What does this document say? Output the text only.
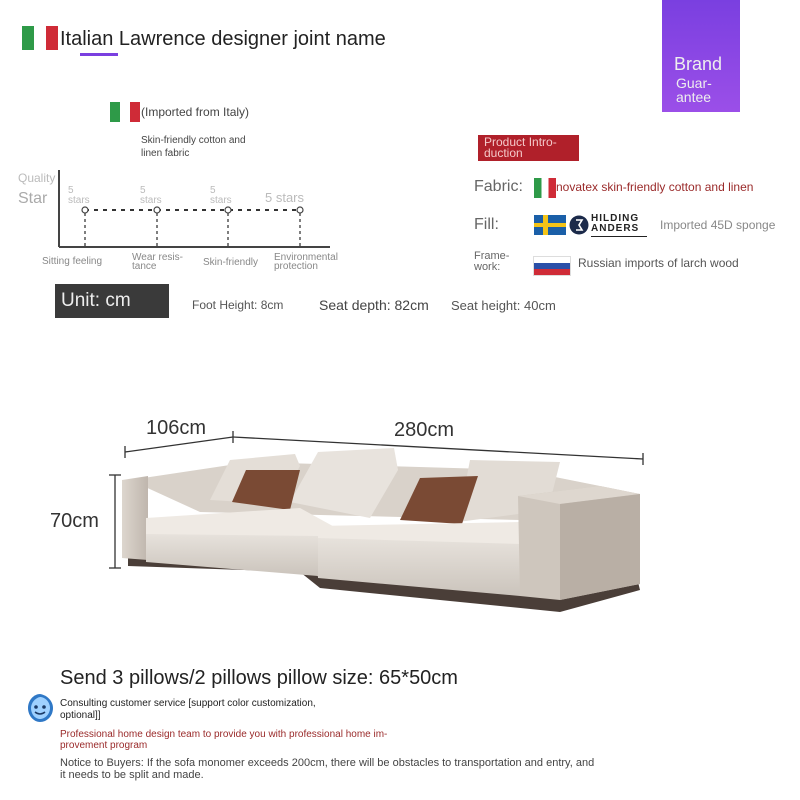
Italian Lawrence designer joint name
Brand
Guar-
antee
(Imported from Italy)
Skin-friendly cotton and
linen fabric
Quality
Star 5 stars
5 stars
5 stars	5 stars
Sitting feeling	Wear resis-
tance	Skin-friendly Environmental
protection
Product Intro-
duction
Fabric:	novatex skin-friendly cotton and linen
Fill:	HILDING
ANDERS Imported 45D sponge
Frame-
work:	Russian imports of larch wood
Unit: cm	Foot Height: 8cm	Seat depth: 82cm Seat height: 40cm
106cm	280cm
70cm
Send 3 pillows/2 pillows pillow size: 65*50cm
Consulting customer service [support color customization,
optional]]
Professional home design team to provide you with professional home im-
provement program
Notice to Buyers: If the sofa monomer exceeds 200cm, there will be obstacles to transportation and entry, and
it needs to be split and made.
